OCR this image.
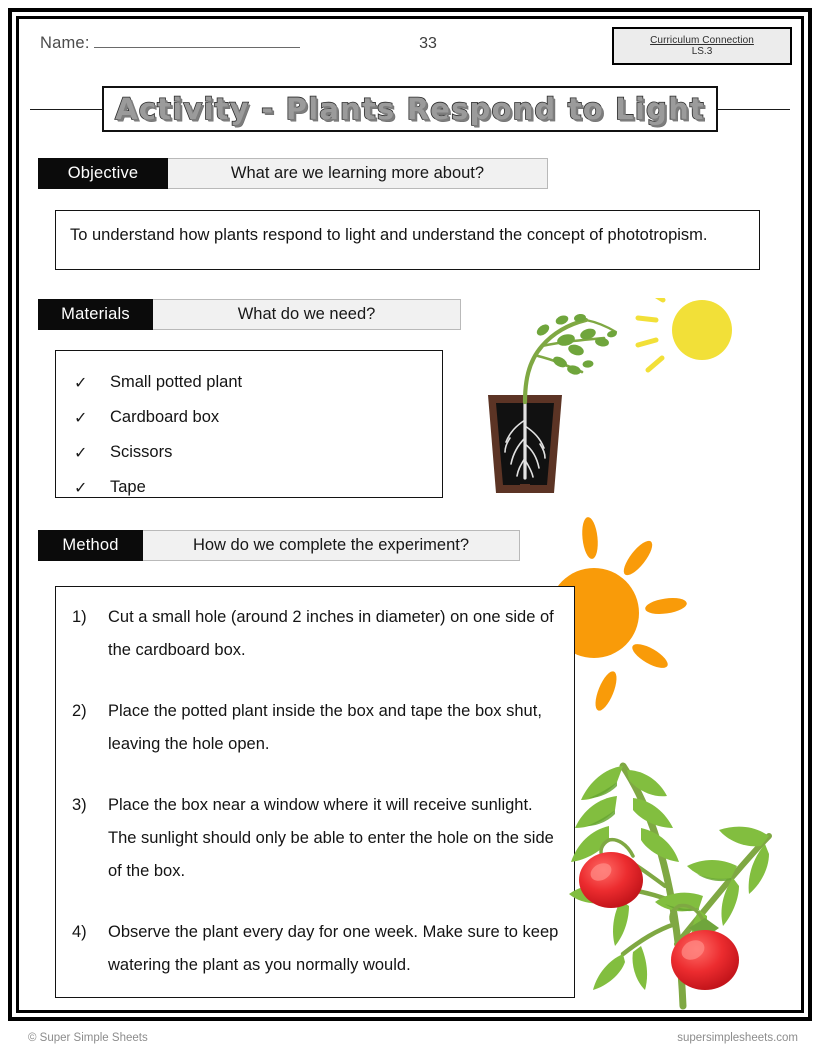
Name:	33	Curriculum Connection
LS.3
Activity - Plants Respond to Light
Objective	What are we learning more about?
To understand how plants respond to light and understand the concept of phototropism.
Materials	What do we need?
✓	Small potted plant
✓	Cardboard box
✓	Scissors
✓	Tape
Method	How do we complete the experiment?
1)	Cut a small hole (around 2 inches in diameter) on one side of the cardboard box.
2)	Place the potted plant inside the box and tape the box shut, leaving the hole open.
3)	Place the box near a window where it will receive sunlight. The sunlight should only be able to enter the hole on the side of the box.
4)	Observe the plant every day for one week. Make sure to keep watering the plant as you normally would.
© Super Simple Sheets	supersimplesheets.com
